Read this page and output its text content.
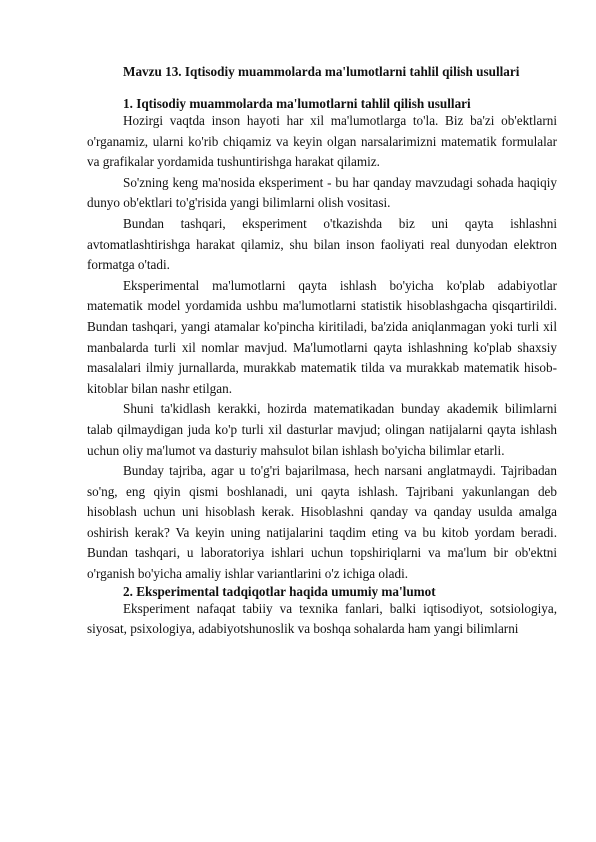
Mavzu 13. Iqtisodiy muammolarda ma'lumotlarni tahlil qilish usullari
1. Iqtisodiy muammolarda ma'lumotlarni tahlil qilish usullari

Hozirgi vaqtda inson hayoti har xil ma'lumotlarga to'la. Biz ba'zi ob'ektlarni o'rganamiz, ularni ko'rib chiqamiz va keyin olgan narsalarimizni matematik formulalar va grafikalar yordamida tushuntirishga harakat qilamiz.

So'zning keng ma'nosida eksperiment - bu har qanday mavzudagi sohada haqiqiy dunyo ob'ektlari to'g'risida yangi bilimlarni olish vositasi.

Bundan tashqari, eksperiment o'tkazishda biz uni qayta ishlashni avtomatlashtirishga harakat qilamiz, shu bilan inson faoliyati real dunyodan elektron formatga o'tadi.

Eksperimental ma'lumotlarni qayta ishlash bo'yicha ko'plab adabiyotlar matematik model yordamida ushbu ma'lumotlarni statistik hisoblashgacha qisqartirildi. Bundan tashqari, yangi atamalar ko'pincha kiritiladi, ba'zida aniqlanmagan yoki turli xil manbalarda turli xil nomlar mavjud. Ma'lumotlarni qayta ishlashning ko'plab shaxsiy masalalari ilmiy jurnallarda, murakkab matematik tilda va murakkab matematik hisob-kitoblar bilan nashr etilgan.

Shuni ta'kidlash kerakki, hozirda matematikadan bunday akademik bilimlarni talab qilmaydigan juda ko'p turli xil dasturlar mavjud; olingan natijalarni qayta ishlash uchun oliy ma'lumot va dasturiy mahsulot bilan ishlash bo'yicha bilimlar etarli.

Bunday tajriba, agar u to'g'ri bajarilmasa, hech narsani anglatmaydi. Tajribadan so'ng, eng qiyin qismi boshlanadi, uni qayta ishlash. Tajribani yakunlangan deb hisoblash uchun uni hisoblash kerak. Hisoblashni qanday va qanday usulda amalga oshirish kerak? Va keyin uning natijalarini taqdim eting va bu kitob yordam beradi. Bundan tashqari, u laboratoriya ishlari uchun topshiriqlarni va ma'lum bir ob'ektni o'rganish bo'yicha amaliy ishlar variantlarini o'z ichiga oladi.

2. Eksperimental tadqiqotlar haqida umumiy ma'lumot

Eksperiment nafaqat tabiiy va texnika fanlari, balki iqtisodiyot, sotsiologiya, siyosat, psixologiya, adabiyotshunoslik va boshqa sohalarda ham yangi bilimlarni
